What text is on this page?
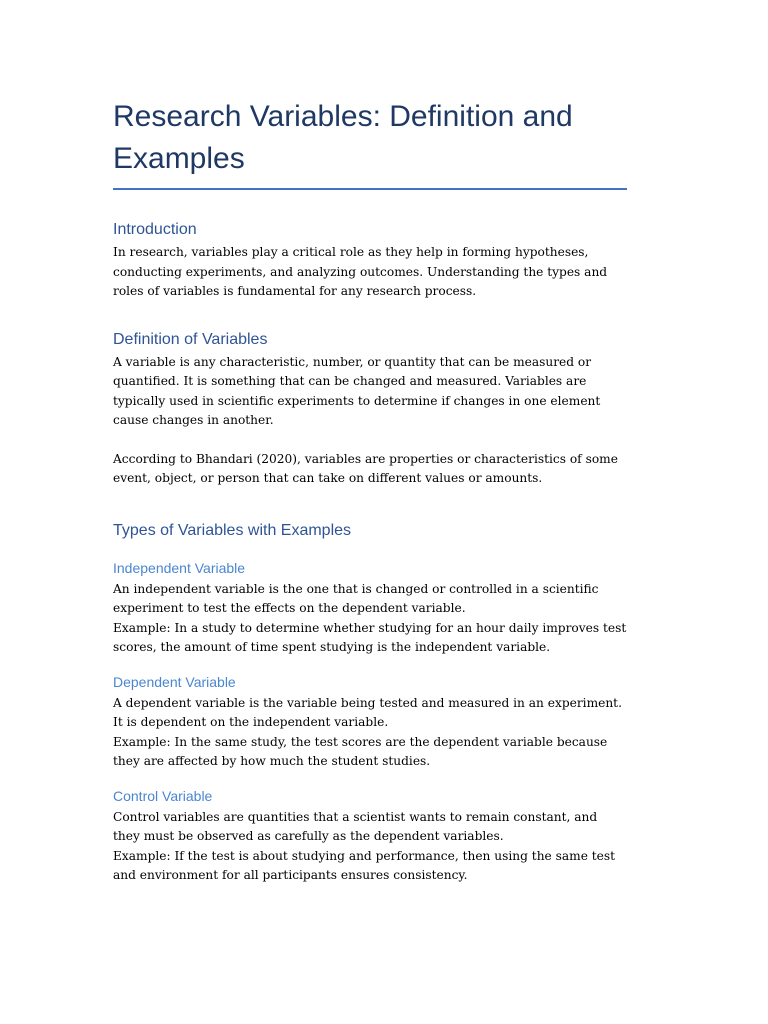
Research Variables: Definition and Examples
Introduction

In research, variables play a critical role as they help in forming hypotheses, conducting experiments, and analyzing outcomes. Understanding the types and roles of variables is fundamental for any research process.

Definition of Variables

A variable is any characteristic, number, or quantity that can be measured or quantified. It is something that can be changed and measured. Variables are typically used in scientific experiments to determine if changes in one element cause changes in another.

According to Bhandari (2020), variables are properties or characteristics of some event, object, or person that can take on different values or amounts.

Types of Variables with Examples
Independent Variable

An independent variable is the one that is changed or controlled in a scientific experiment to test the effects on the dependent variable.

Example: In a study to determine whether studying for an hour daily improves test scores, the amount of time spent studying is the independent variable.

Dependent Variable

A dependent variable is the variable being tested and measured in an experiment. It is dependent on the independent variable.

Example: In the same study, the test scores are the dependent variable because they are affected by how much the student studies.

Control Variable

Control variables are quantities that a scientist wants to remain constant, and they must be observed as carefully as the dependent variables.

Example: If the test is about studying and performance, then using the same test and environment for all participants ensures consistency.
